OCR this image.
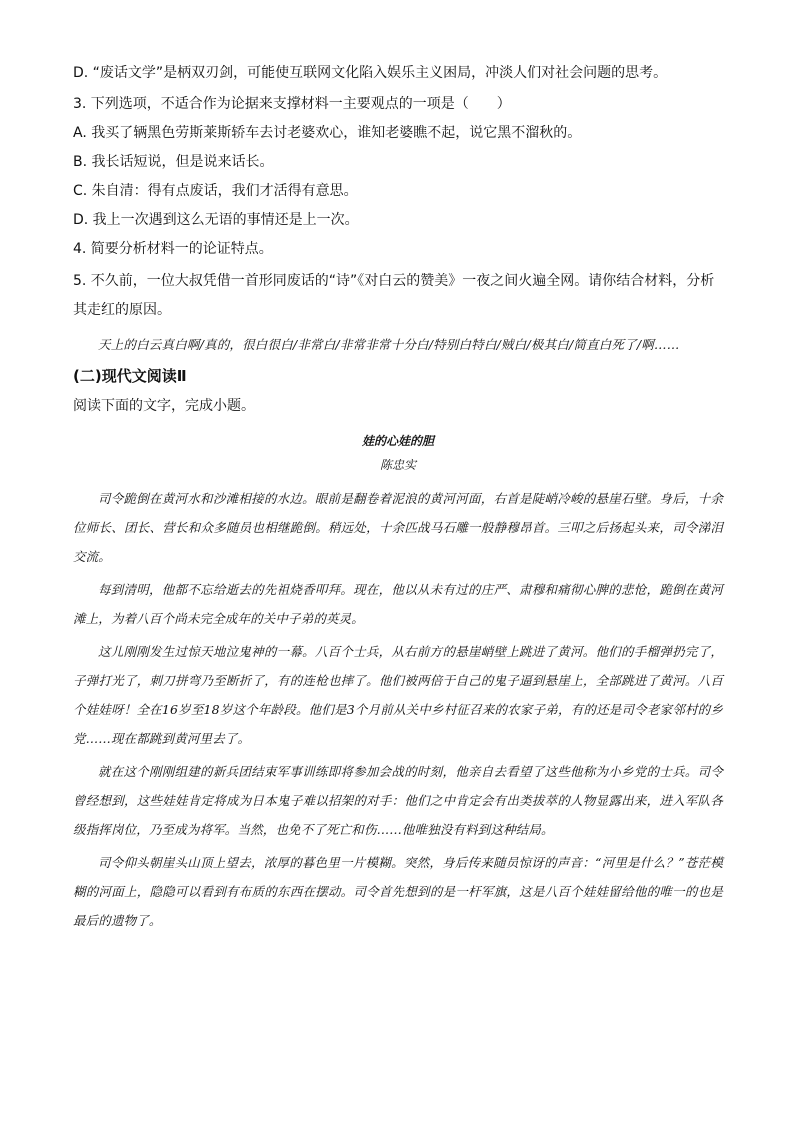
D. “废话文学”是柄双刃剑，可能使互联网文化陷入娱乐主义困局，冲淡人们对社会问题的思考。

3. 下列选项，不适合作为论据来支撑材料一主要观点的一项是（　　）

A. 我买了辆黑色劳斯莱斯轿车去讨老婆欢心，谁知老婆瞧不起，说它黑不溜秋的。

B. 我长话短说，但是说来话长。

C. 朱自清：得有点废话，我们才活得有意思。

D. 我上一次遇到这么无语的事情还是上一次。

4. 简要分析材料一的论证特点。

5. 不久前，一位大叔凭借一首形同废话的“诗”《对白云的赞美》一夜之间火遍全网。请你结合材料，分析其走红的原因。

天上的白云真白啊/真的，很白很白/非常白/非常非常十分白/特别白特白/贼白/极其白/简直白死了/啊……

(二)现代文阅读Ⅱ

阅读下面的文字，完成小题。

娃的心娃的胆
陈忠实

司令跪倒在黄河水和沙滩相接的水边。眼前是翻卷着泥浪的黄河河面，右首是陡峭冷峻的悬崖石壁。身后，十余位师长、团长、营长和众多随员也相继跪倒。稍远处，十余匹战马石雕一般静穆昂首。三叩之后扬起头来，司令涕泪交流。

每到清明，他都不忘给逝去的先祖烧香叩拜。现在，他以从未有过的庄严、肃穆和痛彻心脾的悲怆，跪倒在黄河滩上，为着八百个尚未完全成年的关中子弟的英灵。

这儿刚刚发生过惊天地泣鬼神的一幕。八百个士兵，从右前方的悬崖峭壁上跳进了黄河。他们的手榴弹扔完了，子弹打光了，刺刀拼弯乃至断折了，有的连枪也摔了。他们被两倍于自己的鬼子逼到悬崖上，全部跳进了黄河。八百个娃娃呀！全在16岁至18岁这个年龄段。他们是3个月前从关中乡村征召来的农家子弟，有的还是司令老家邻村的乡党……现在都跳到黄河里去了。

就在这个刚刚组建的新兵团结束军事训练即将参加会战的时刻，他亲自去看望了这些他称为小乡党的士兵。司令曾经想到，这些娃娃肯定将成为日本鬼子难以招架的对手：他们之中肯定会有出类拔萃的人物显露出来，进入军队各级指挥岗位，乃至成为将军。当然，也免不了死亡和伤……他唯独没有料到这种结局。

司令仰头朝崖头山顶上望去，浓厚的暮色里一片模糊。突然，身后传来随员惊讶的声音：“河里是什么？”苍茫模糊的河面上，隐隐可以看到有布质的东西在摆动。司令首先想到的是一杆军旗，这是八百个娃娃留给他的唯一的也是最后的遗物了。
